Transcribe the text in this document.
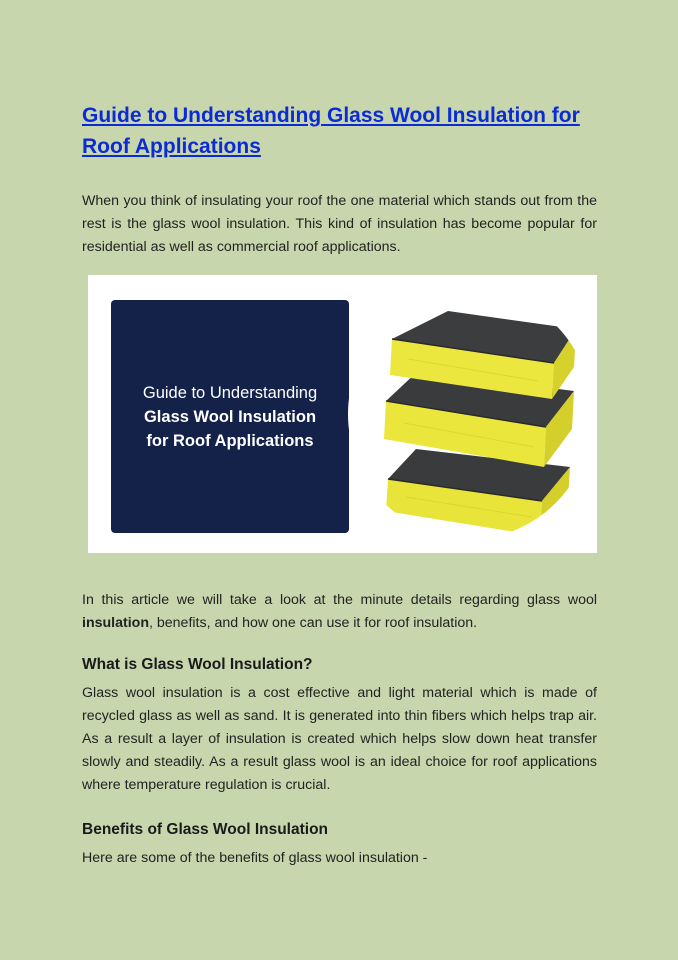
Guide to Understanding Glass Wool Insulation for Roof Applications

When you think of insulating your roof the one material which stands out from the rest is the glass wool insulation. This kind of insulation has become popular for residential as well as commercial roof applications.

Guide to Understanding
Glass Wool Insulation
for Roof Applications

In this article we will take a look at the minute details regarding glass wool insulation, benefits, and how one can use it for roof insulation.

What is Glass Wool Insulation?

Glass wool insulation is a cost effective and light material which is made of recycled glass as well as sand. It is generated into thin fibers which helps trap air. As a result a layer of insulation is created which helps slow down heat transfer slowly and steadily. As a result glass wool is an ideal choice for roof applications where temperature regulation is crucial.

Benefits of Glass Wool Insulation

Here are some of the benefits of glass wool insulation -
